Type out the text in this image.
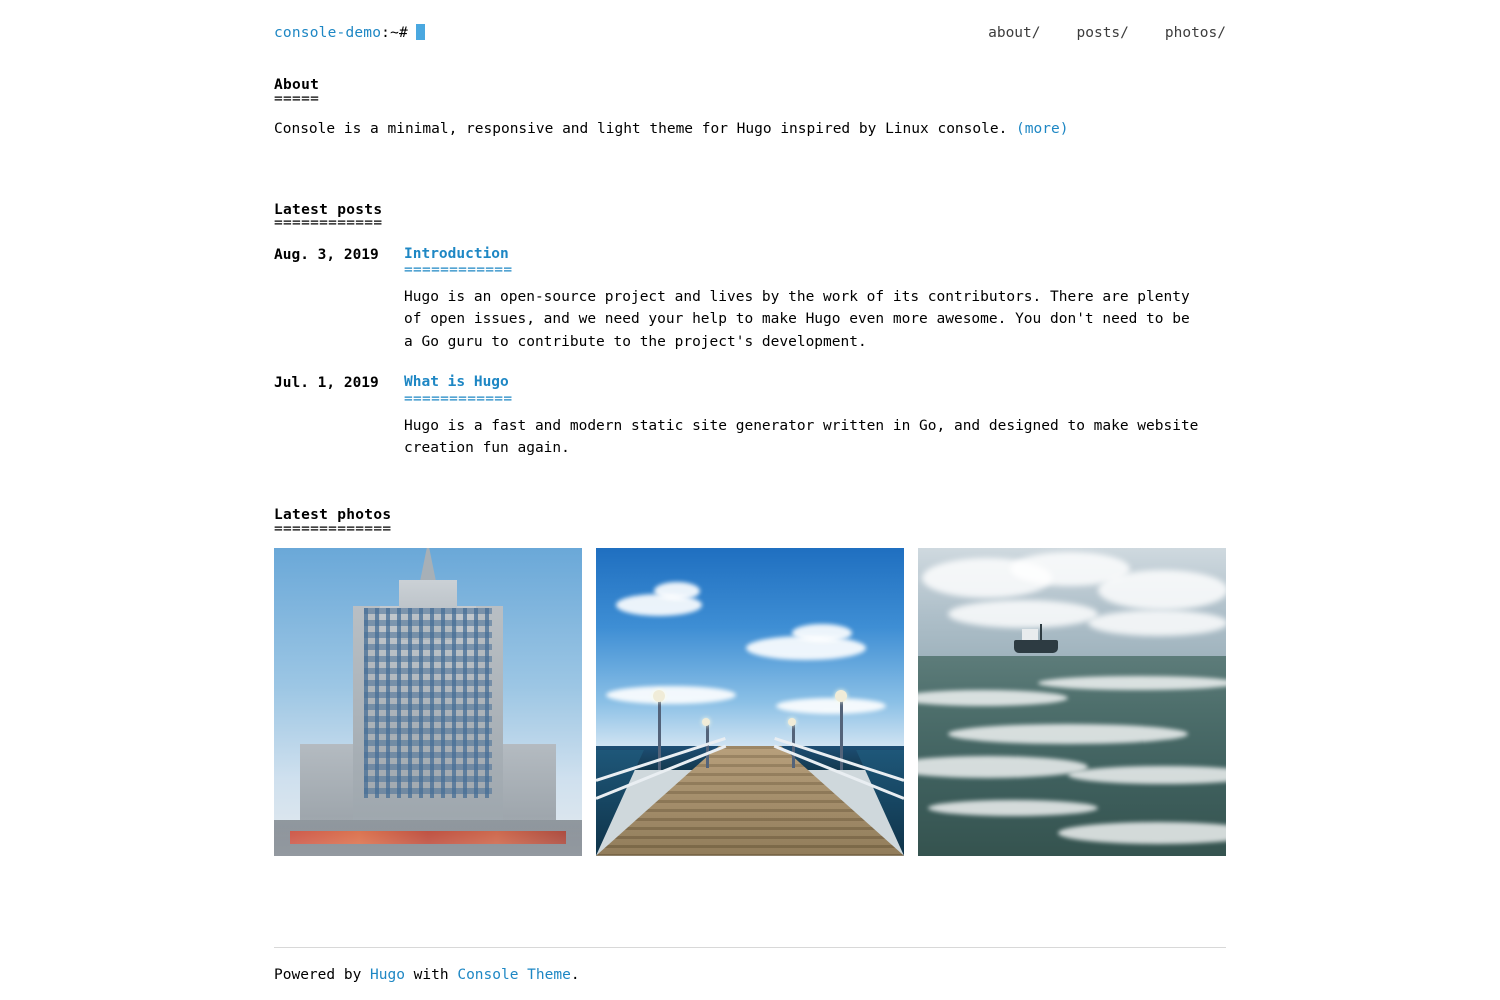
console-demo:~#	about/ posts/ photos/
About
=====
Console is a minimal, responsive and light theme for Hugo inspired by Linux console. (more)
Latest posts
============
Aug. 3, 2019	Introduction
============
Hugo is an open-source project and lives by the work of its contributors. There are plenty of open issues, and we need your help to make Hugo even more awesome. You don't need to be a Go guru to contribute to the project's development.
Jul. 1, 2019	What is Hugo
============
Hugo is a fast and modern static site generator written in Go, and designed to make website creation fun again.
Latest photos
=============
Powered by Hugo with Console Theme.
